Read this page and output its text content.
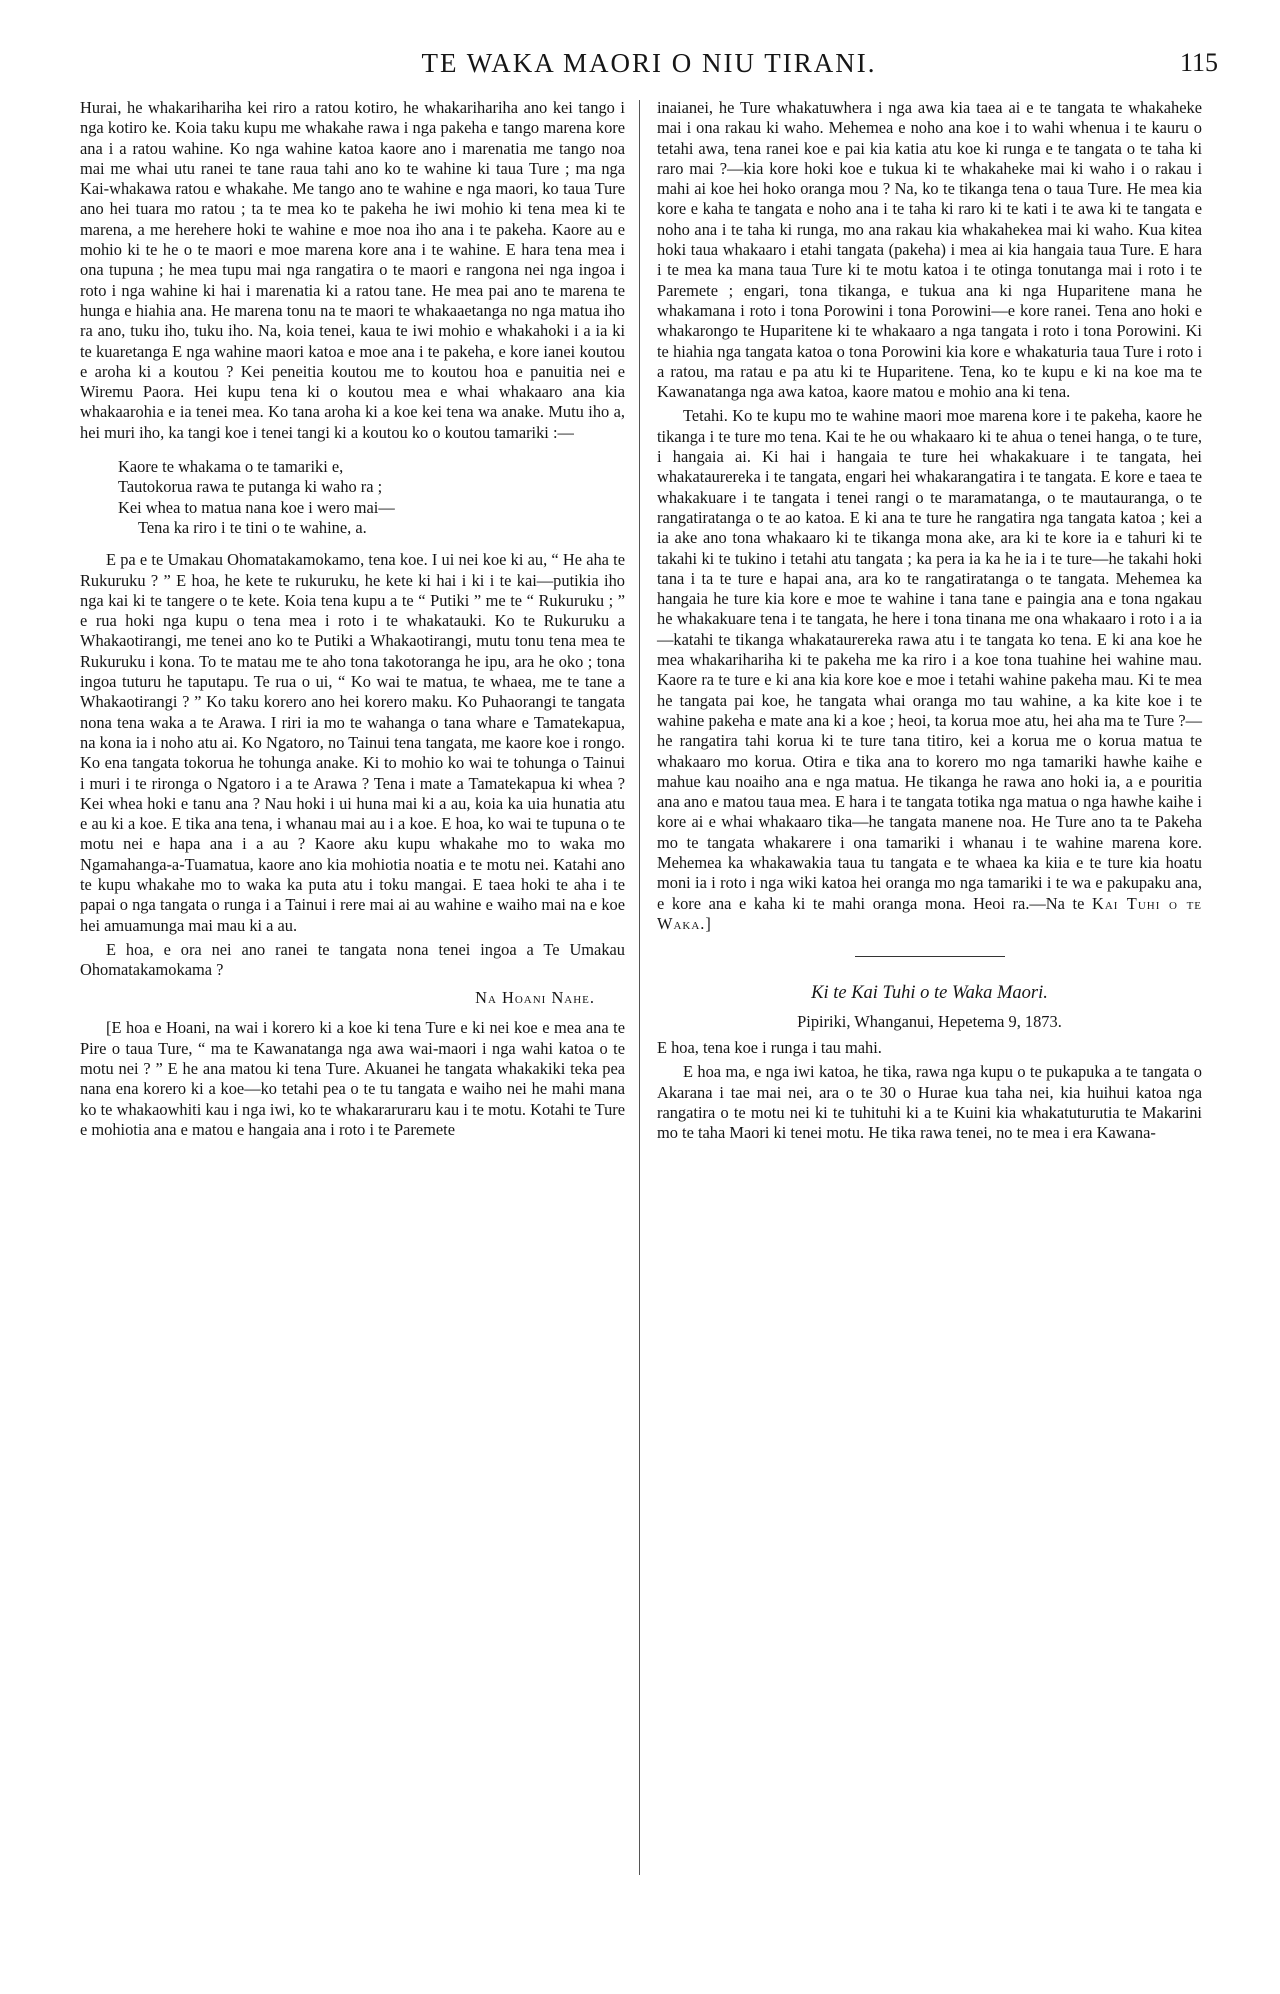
TE WAKA MAORI O NIU TIRANI.	115

Hurai, he whakarihariha kei riro a ratou kotiro, he whakarihariha ano kei tango i nga kotiro ke. Koia taku kupu me whakahe rawa i nga pakeha e tango marena kore ana i a ratou wahine. Ko nga wahine katoa kaore ano i marenatia me tango noa mai me whai utu ranei te tane raua tahi ano ko te wahine ki taua Ture ; ma nga Kai-whakawa ratou e whakahe. Me tango ano te wahine e nga maori, ko taua Ture ano hei tuara mo ratou ; ta te mea ko te pakeha he iwi mohio ki tena mea ki te marena, a me herehere hoki te wahine e moe noa iho ana i te pakeha. Kaore au e mohio ki te he o te maori e moe marena kore ana i te wahine. E hara tena mea i ona tupuna ; he mea tupu mai nga rangatira o te maori e rangona nei nga ingoa i roto i nga wahine ki hai i marenatia ki a ratou tane. He mea pai ano te marena te hunga e hiahia ana. He marena tonu na te maori te whakaaetanga no nga matua iho ra ano, tuku iho, tuku iho. Na, koia tenei, kaua te iwi mohio e whakahoki i a ia ki te kuaretanga E nga wahine maori katoa e moe ana i te pakeha, e kore ianei koutou e aroha ki a koutou ? Kei peneitia koutou me to koutou hoa e panuitia nei e Wiremu Paora. Hei kupu tena ki o koutou mea e whai whakaaro ana kia whakaarohia e ia tenei mea. Ko tana aroha ki a koe kei tena wa anake. Mutu iho a, hei muri iho, ka tangi koe i tenei tangi ki a koutou ko o koutou tamariki :—

Kaore te whakama o te tamariki e,
Tautokorua rawa te putanga ki waho ra ;
Kei whea to matua nana koe i wero mai—
Tena ka riro i te tini o te wahine, a.

E pa e te Umakau Ohomatakamokamo, tena koe. I ui nei koe ki au, “ He aha te Rukuruku ? ” E hoa, he kete te rukuruku, he kete ki hai i ki i te kai—putikia iho nga kai ki te tangere o te kete. Koia tena kupu a te “ Putiki ” me te “ Rukuruku ; ” e rua hoki nga kupu o tena mea i roto i te whakatauki. Ko te Rukuruku a Whakaotirangi, me tenei ano ko te Putiki a Whakaotirangi, mutu tonu tena mea te Rukuruku i kona. To te matau me te aho tona takotoranga he ipu, ara he oko ; tona ingoa tuturu he taputapu. Te rua o ui, “ Ko wai te matua, te whaea, me te tane a Whakaotirangi ? ” Ko taku korero ano hei korero maku. Ko Puhaorangi te tangata nona tena waka a te Arawa. I riri ia mo te wahanga o tana whare e Tamatekapua, na kona ia i noho atu ai. Ko Ngatoro, no Tainui tena tangata, me kaore koe i rongo. Ko ena tangata tokorua he tohunga anake. Ki to mohio ko wai te tohunga o Tainui i muri i te rironga o Ngatoro i a te Arawa ? Tena i mate a Tamatekapua ki whea ? Kei whea hoki e tanu ana ? Nau hoki i ui huna mai ki a au, koia ka uia hunatia atu e au ki a koe. E tika ana tena, i whanau mai au i a koe. E hoa, ko wai te tupuna o te motu nei e hapa ana i a au ? Kaore aku kupu whakahe mo to waka mo Ngamahanga-a-Tuamatua, kaore ano kia mohiotia noatia e te motu nei. Katahi ano te kupu whakahe mo to waka ka puta atu i toku mangai. E taea hoki te aha i te papai o nga tangata o runga i a Tainui i rere mai ai au wahine e waiho mai na e koe hei amuamunga mai mau ki a au.

E hoa, e ora nei ano ranei te tangata nona tenei ingoa a Te Umakau Ohomatakamokama ?

Na Hoani Nahe.

[E hoa e Hoani, na wai i korero ki a koe ki tena Ture e ki nei koe e mea ana te Pire o taua Ture, “ ma te Kawanatanga nga awa wai-maori i nga wahi katoa o te motu nei ? ” E he ana matou ki tena Ture. Akuanei he tangata whakakiki teka pea nana ena korero ki a koe—ko tetahi pea o te tu tangata e waiho nei he mahi mana ko te whakaowhiti kau i nga iwi, ko te whakararuraru kau i te motu. Kotahi te Ture e mohiotia ana e matou e hangaia ana i roto i te Paremete

inaianei, he Ture whakatuwhera i nga awa kia taea ai e te tangata te whakaheke mai i ona rakau ki waho. Mehemea e noho ana koe i to wahi whenua i te kauru o tetahi awa, tena ranei koe e pai kia katia atu koe ki runga e te tangata o te taha ki raro mai ?—kia kore hoki koe e tukua ki te whakaheke mai ki waho i o rakau i mahi ai koe hei hoko oranga mou ? Na, ko te tikanga tena o taua Ture. He mea kia kore e kaha te tangata e noho ana i te taha ki raro ki te kati i te awa ki te tangata e noho ana i te taha ki runga, mo ana rakau kia whakahekea mai ki waho. Kua kitea hoki taua whakaaro i etahi tangata (pakeha) i mea ai kia hangaia taua Ture. E hara i te mea ka mana taua Ture ki te motu katoa i te otinga tonutanga mai i roto i te Paremete ; engari, tona tikanga, e tukua ana ki nga Huparitene mana he whakamana i roto i tona Porowini i tona Porowini—e kore ranei. Tena ano hoki e whakarongo te Huparitene ki te whakaaro a nga tangata i roto i tona Porowini. Ki te hiahia nga tangata katoa o tona Porowini kia kore e whakaturia taua Ture i roto i a ratou, ma ratau e pa atu ki te Huparitene. Tena, ko te kupu e ki na koe ma te Kawanatanga nga awa katoa, kaore matou e mohio ana ki tena.

Tetahi. Ko te kupu mo te wahine maori moe marena kore i te pakeha, kaore he tikanga i te ture mo tena. Kai te he ou whakaaro ki te ahua o tenei hanga, o te ture, i hangaia ai. Ki hai i hangaia te ture hei whakakuare i te tangata, hei whakataurereka i te tangata, engari hei whakarangatira i te tangata. E kore e taea te whakakuare i te tangata i tenei rangi o te maramatanga, o te mautauranga, o te rangatiratanga o te ao katoa. E ki ana te ture he rangatira nga tangata katoa ; kei a ia ake ano tona whakaaro ki te tikanga mona ake, ara ki te kore ia e tahuri ki te takahi ki te tukino i tetahi atu tangata ; ka pera ia ka he ia i te ture—he takahi hoki tana i ta te ture e hapai ana, ara ko te rangatiratanga o te tangata. Mehemea ka hangaia he ture kia kore e moe te wahine i tana tane e paingia ana e tona ngakau he whakakuare tena i te tangata, he here i tona tinana me ona whakaaro i roto i a ia—katahi te tikanga whakataurereka rawa atu i te tangata ko tena. E ki ana koe he mea whakarihariha ki te pakeha me ka riro i a koe tona tuahine hei wahine mau. Kaore ra te ture e ki ana kia kore koe e moe i tetahi wahine pakeha mau. Ki te mea he tangata pai koe, he tangata whai oranga mo tau wahine, a ka kite koe i te wahine pakeha e mate ana ki a koe ; heoi, ta korua moe atu, hei aha ma te Ture ?—he rangatira tahi korua ki te ture tana titiro, kei a korua me o korua matua te whakaaro mo korua. Otira e tika ana to korero mo nga tamariki hawhe kaihe e mahue kau noaiho ana e nga matua. He tikanga he rawa ano hoki ia, a e pouritia ana ano e matou taua mea. E hara i te tangata totika nga matua o nga hawhe kaihe i kore ai e whai whakaaro tika—he tangata manene noa. He Ture ano ta te Pakeha mo te tangata whakarere i ona tamariki i whanau i te wahine marena kore. Mehemea ka whakawakia taua tu tangata e te whaea ka kiia e te ture kia hoatu moni ia i roto i nga wiki katoa hei oranga mo nga tamariki i te wa e pakupaku ana, e kore ana e kaha ki te mahi oranga mona. Heoi ra.—Na te Kai Tuhi o te Waka.]

Ki te Kai Tuhi o te Waka Maori.
Pipiriki, Whanganui, Hepetema 9, 1873.

E hoa, tena koe i runga i tau mahi.

E hoa ma, e nga iwi katoa, he tika, rawa nga kupu o te pukapuka a te tangata o Akarana i tae mai nei, ara o te 30 o Hurae kua taha nei, kia huihui katoa nga rangatira o te motu nei ki te tuhituhi ki a te Kuini kia whakatuturutia te Makarini mo te taha Maori ki tenei motu. He tika rawa tenei, no te mea i era Kawana-
